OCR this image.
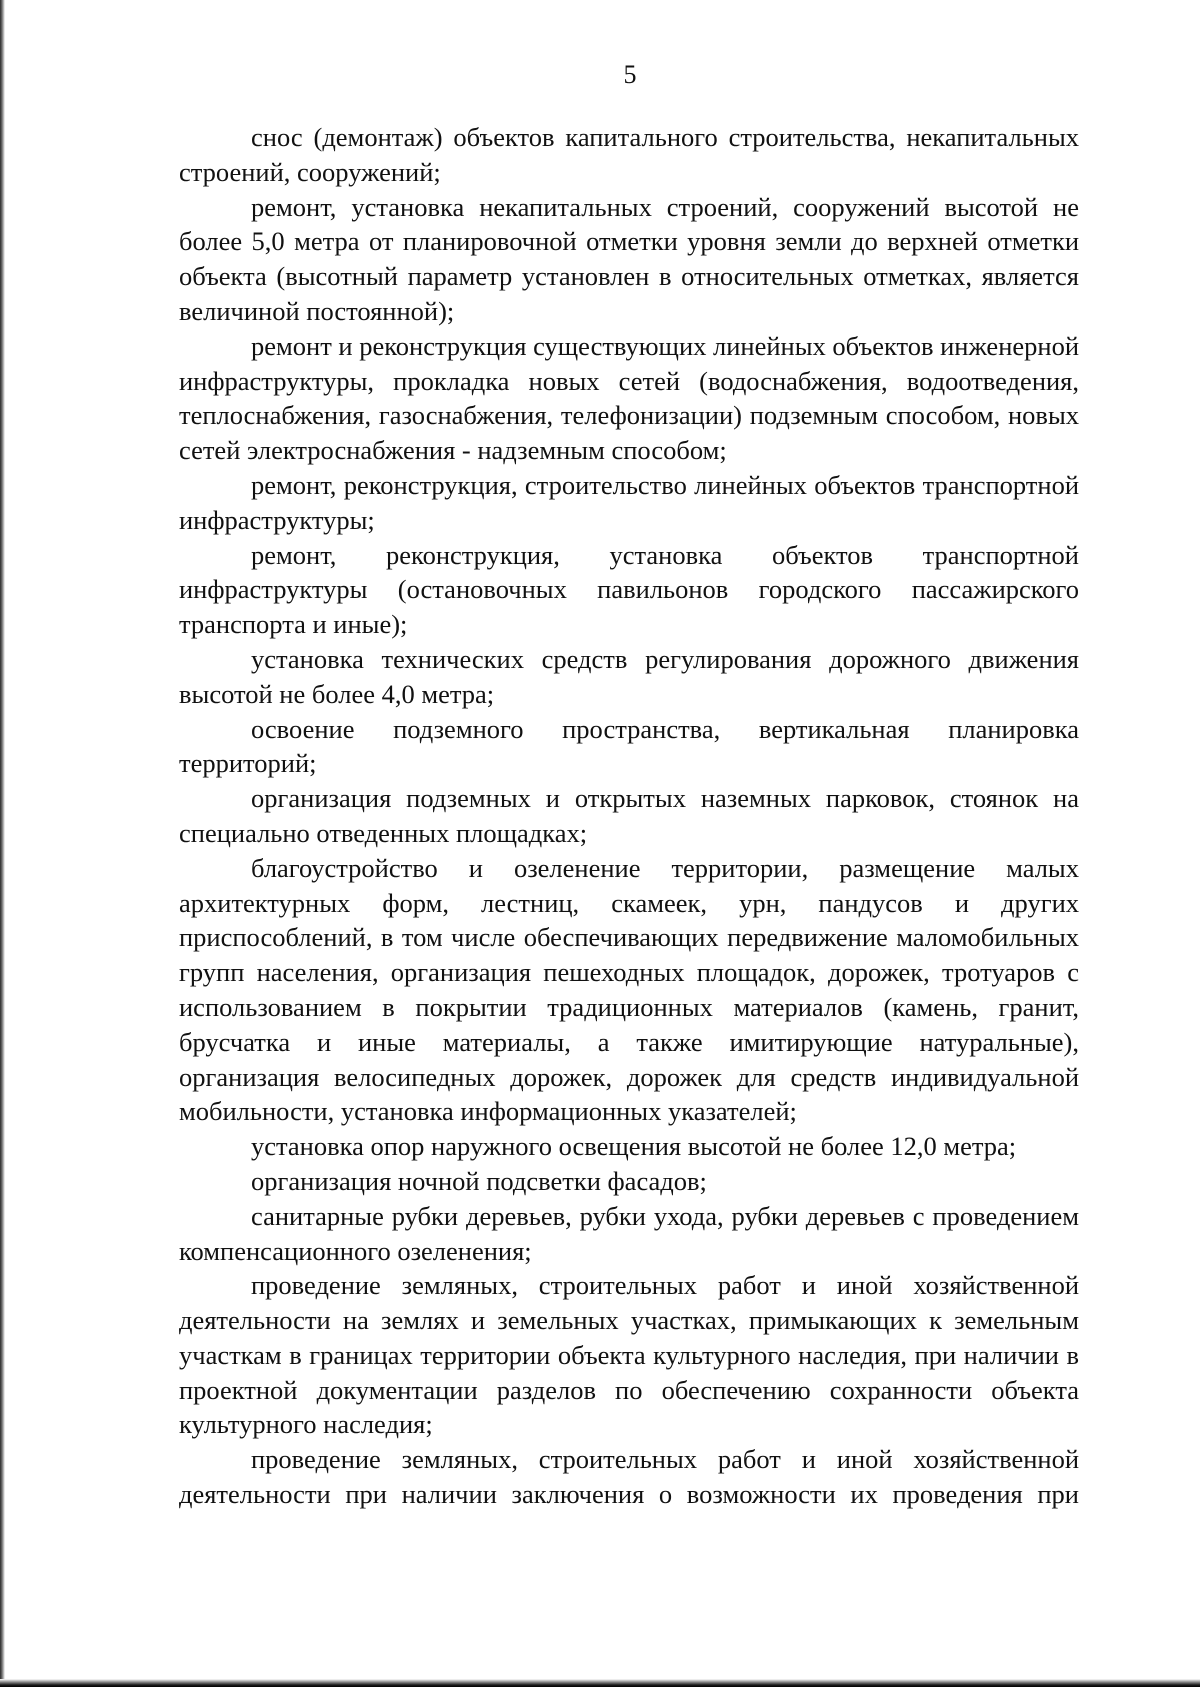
5

снос (демонтаж) объектов капитального строительства, некапитальных строений, сооружений;

ремонт, установка некапитальных строений, сооружений высотой не более 5,0 метра от планировочной отметки уровня земли до верхней отметки объекта (высотный параметр установлен в относительных отметках, является величиной постоянной);

ремонт и реконструкция существующих линейных объектов инженерной инфраструктуры, прокладка новых сетей (водоснабжения, водоотведения, теплоснабжения, газоснабжения, телефонизации) подземным способом, новых сетей электроснабжения - надземным способом;

ремонт, реконструкция, строительство линейных объектов транспортной инфраструктуры;

ремонт, реконструкция, установка объектов транспортной инфраструктуры (остановочных павильонов городского пассажирского транспорта и иные);

установка технических средств регулирования дорожного движения высотой не более 4,0 метра;

освоение подземного пространства, вертикальная планировка территорий;

организация подземных и открытых наземных парковок, стоянок на специально отведенных площадках;

благоустройство и озеленение территории, размещение малых архитектурных форм, лестниц, скамеек, урн, пандусов и других приспособлений, в том числе обеспечивающих передвижение маломобильных групп населения, организация пешеходных площадок, дорожек, тротуаров с использованием в покрытии традиционных материалов (камень, гранит, брусчатка и иные материалы, а также имитирующие натуральные), организация велосипедных дорожек, дорожек для средств индивидуальной мобильности, установка информационных указателей;

установка опор наружного освещения высотой не более 12,0 метра;

организация ночной подсветки фасадов;

санитарные рубки деревьев, рубки ухода, рубки деревьев с проведением компенсационного озеленения;

проведение земляных, строительных работ и иной хозяйственной деятельности на землях и земельных участках, примыкающих к земельным участкам в границах территории объекта культурного наследия, при наличии в проектной документации разделов по обеспечению сохранности объекта культурного наследия;

проведение земляных, строительных работ и иной хозяйственной деятельности при наличии заключения о возможности их проведения при
